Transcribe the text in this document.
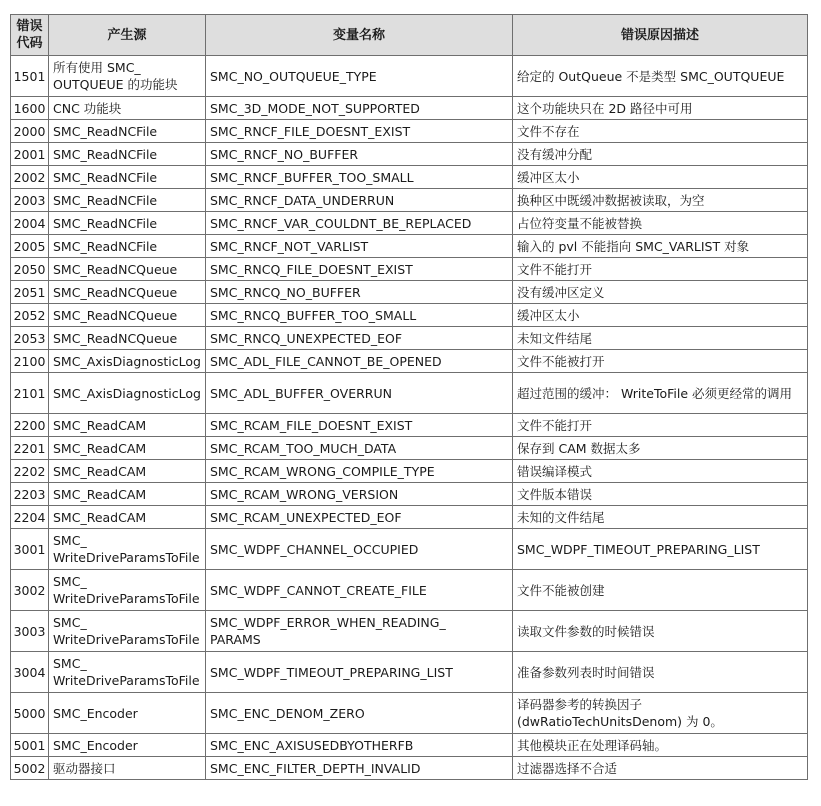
错误
代码	产生源	变量名称	错误原因描述
1501	所有使用 SMC_
OUTQUEUE 的功能块	SMC_NO_OUTQUEUE_TYPE	给定的 OutQueue 不是类型 SMC_OUTQUEUE
1600	CNC 功能块	SMC_3D_MODE_NOT_SUPPORTED	这个功能块只在 2D 路径中可用
2000	SMC_ReadNCFile	SMC_RNCF_FILE_DOESNT_EXIST	文件不存在
2001	SMC_ReadNCFile	SMC_RNCF_NO_BUFFER	没有缓冲分配
2002	SMC_ReadNCFile	SMC_RNCF_BUFFER_TOO_SMALL	缓冲区太小
2003	SMC_ReadNCFile	SMC_RNCF_DATA_UNDERRUN	换种区中既缓冲数据被读取，为空
2004	SMC_ReadNCFile	SMC_RNCF_VAR_COULDNT_BE_REPLACED	占位符变量不能被替换
2005	SMC_ReadNCFile	SMC_RNCF_NOT_VARLIST	输入的 pvl 不能指向 SMC_VARLIST 对象
2050	SMC_ReadNCQueue	SMC_RNCQ_FILE_DOESNT_EXIST	文件不能打开
2051	SMC_ReadNCQueue	SMC_RNCQ_NO_BUFFER	没有缓冲区定义
2052	SMC_ReadNCQueue	SMC_RNCQ_BUFFER_TOO_SMALL	缓冲区太小
2053	SMC_ReadNCQueue	SMC_RNCQ_UNEXPECTED_EOF	未知文件结尾
2100	SMC_AxisDiagnosticLog	SMC_ADL_FILE_CANNOT_BE_OPENED	文件不能被打开
2101	SMC_AxisDiagnosticLog	SMC_ADL_BUFFER_OVERRUN	超过范围的缓冲： WriteToFile 必须更经常的调用
2200	SMC_ReadCAM	SMC_RCAM_FILE_DOESNT_EXIST	文件不能打开
2201	SMC_ReadCAM	SMC_RCAM_TOO_MUCH_DATA	保存到 CAM 数据太多
2202	SMC_ReadCAM	SMC_RCAM_WRONG_COMPILE_TYPE	错误编译模式
2203	SMC_ReadCAM	SMC_RCAM_WRONG_VERSION	文件版本错误
2204	SMC_ReadCAM	SMC_RCAM_UNEXPECTED_EOF	未知的文件结尾
3001	SMC_
WriteDriveParamsToFile	SMC_WDPF_CHANNEL_OCCUPIED	SMC_WDPF_TIMEOUT_PREPARING_LIST
3002	SMC_
WriteDriveParamsToFile	SMC_WDPF_CANNOT_CREATE_FILE	文件不能被创建
3003	SMC_
WriteDriveParamsToFile	SMC_WDPF_ERROR_WHEN_READING_
PARAMS	读取文件参数的时候错误
3004	SMC_
WriteDriveParamsToFile	SMC_WDPF_TIMEOUT_PREPARING_LIST	准备参数列表时时间错误
5000	SMC_Encoder	SMC_ENC_DENOM_ZERO	译码器参考的转换因子
(dwRatioTechUnitsDenom) 为 0。
5001	SMC_Encoder	SMC_ENC_AXISUSEDBYOTHERFB	其他模块正在处理译码轴。
5002	驱动器接口	SMC_ENC_FILTER_DEPTH_INVALID	过滤器选择不合适
